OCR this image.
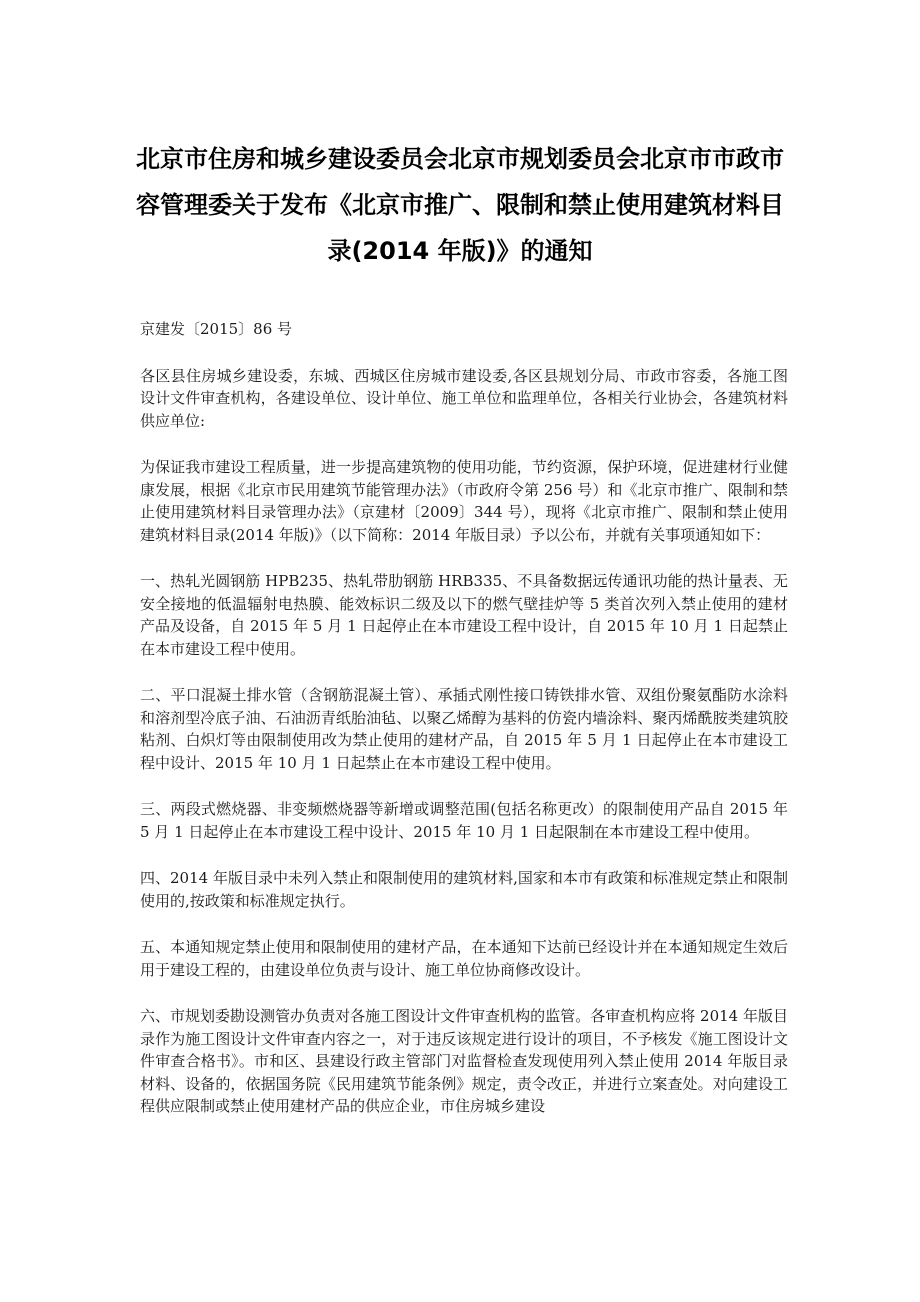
北京市住房和城乡建设委员会北京市规划委员会北京市市政市容管理委关于发布《北京市推广、限制和禁止使用建筑材料目录(2014 年版)》的通知

京建发〔2015〕86 号

各区县住房城乡建设委，东城、西城区住房城市建设委,各区县规划分局、市政市容委，各施工图设计文件审查机构，各建设单位、设计单位、施工单位和监理单位，各相关行业协会，各建筑材料供应单位:

为保证我市建设工程质量，进一步提高建筑物的使用功能，节约资源，保护环境，促进建材行业健康发展，根据《北京市民用建筑节能管理办法》（市政府令第 256 号）和《北京市推广、限制和禁止使用建筑材料目录管理办法》（京建材〔2009〕344 号），现将《北京市推广、限制和禁止使用建筑材料目录(2014 年版)》（以下简称：2014 年版目录）予以公布，并就有关事项通知如下：

一、热轧光圆钢筋 HPB235、热轧带肋钢筋 HRB335、不具备数据远传通讯功能的热计量表、无安全接地的低温辐射电热膜、能效标识二级及以下的燃气壁挂炉等 5 类首次列入禁止使用的建材产品及设备，自 2015 年 5 月 1 日起停止在本市建设工程中设计，自 2015 年 10 月 1 日起禁止在本市建设工程中使用。

二、平口混凝土排水管（含钢筋混凝土管）、承插式刚性接口铸铁排水管、双组份聚氨酯防水涂料和溶剂型冷底子油、石油沥青纸胎油毡、以聚乙烯醇为基料的仿瓷内墙涂料、聚丙烯酰胺类建筑胶粘剂、白炽灯等由限制使用改为禁止使用的建材产品，自 2015 年 5 月 1 日起停止在本市建设工程中设计、2015 年 10 月 1 日起禁止在本市建设工程中使用。

三、两段式燃烧器、非变频燃烧器等新增或调整范围(包括名称更改）的限制使用产品自 2015 年 5 月 1 日起停止在本市建设工程中设计、2015 年 10 月 1 日起限制在本市建设工程中使用。

四、2014 年版目录中未列入禁止和限制使用的建筑材料,国家和本市有政策和标准规定禁止和限制使用的,按政策和标准规定执行。

五、本通知规定禁止使用和限制使用的建材产品，在本通知下达前已经设计并在本通知规定生效后用于建设工程的，由建设单位负责与设计、施工单位协商修改设计。

六、市规划委勘设测管办负责对各施工图设计文件审查机构的监管。各审查机构应将 2014 年版目录作为施工图设计文件审查内容之一，对于违反该规定进行设计的项目，不予核发《施工图设计文件审查合格书》。市和区、县建设行政主管部门对监督检查发现使用列入禁止使用 2014 年版目录材料、设备的，依据国务院《民用建筑节能条例》规定，责令改正，并进行立案查处。对向建设工程供应限制或禁止使用建材产品的供应企业，市住房城乡建设
